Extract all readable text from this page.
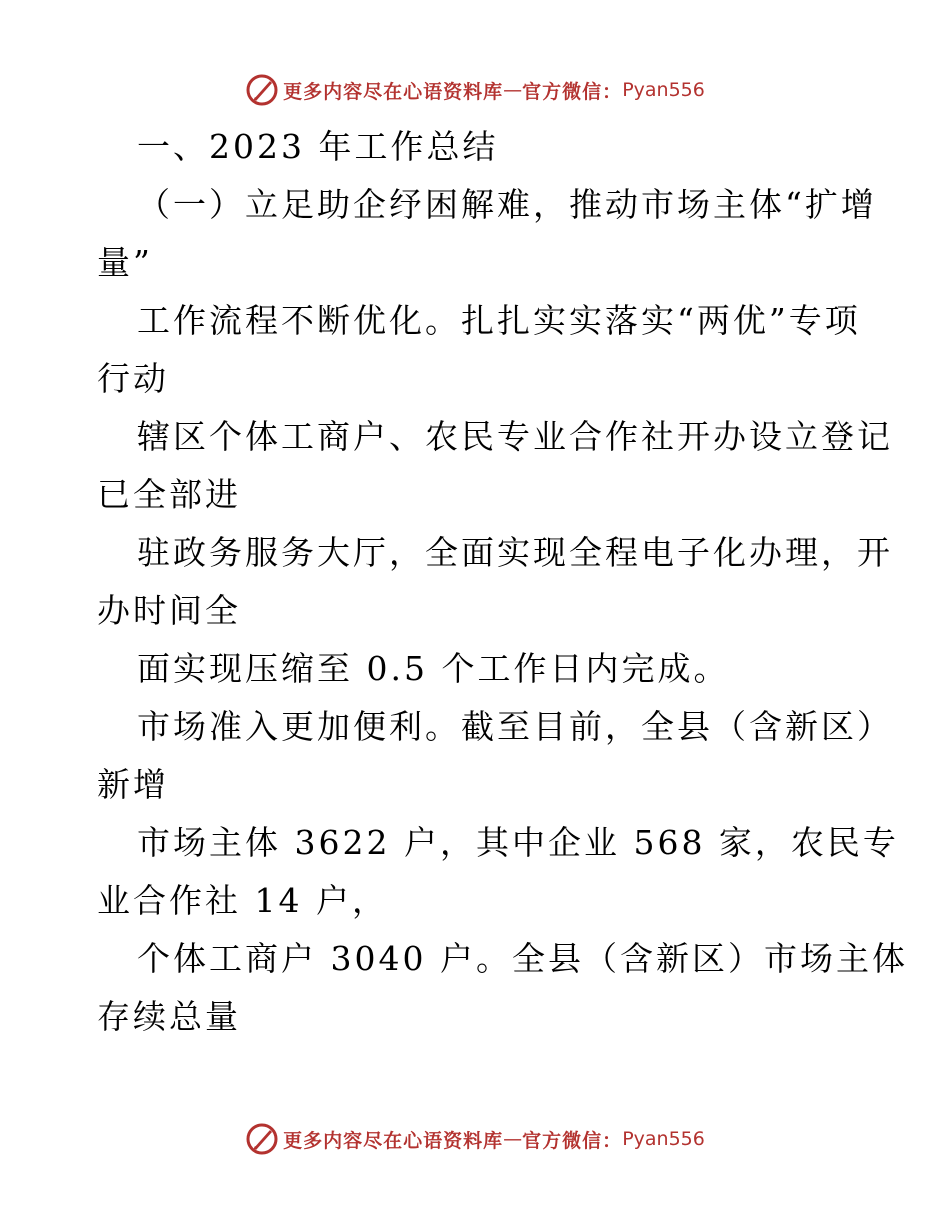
更多内容尽在心语资料库 — 官方微信： Pyan556
一、2023 年工作总结
（一）立足助企纾困解难，推动市场主体“扩增
量”
工作流程不断优化。扎扎实实落实“两优”专项
行动
辖区个体工商户、农民专业合作社开办设立登记
已全部进
驻政务服务大厅，全面实现全程电子化办理，开
办时间全
面实现压缩至 0.5 个工作日内完成。
市场准入更加便利。截至目前，全县（含新区）
新增
市场主体 3622 户，其中企业 568 家，农民专
业合作社 14 户，
个体工商户 3040 户。全县（含新区）市场主体
存续总量
更多内容尽在心语资料库 — 官方微信： Pyan556
